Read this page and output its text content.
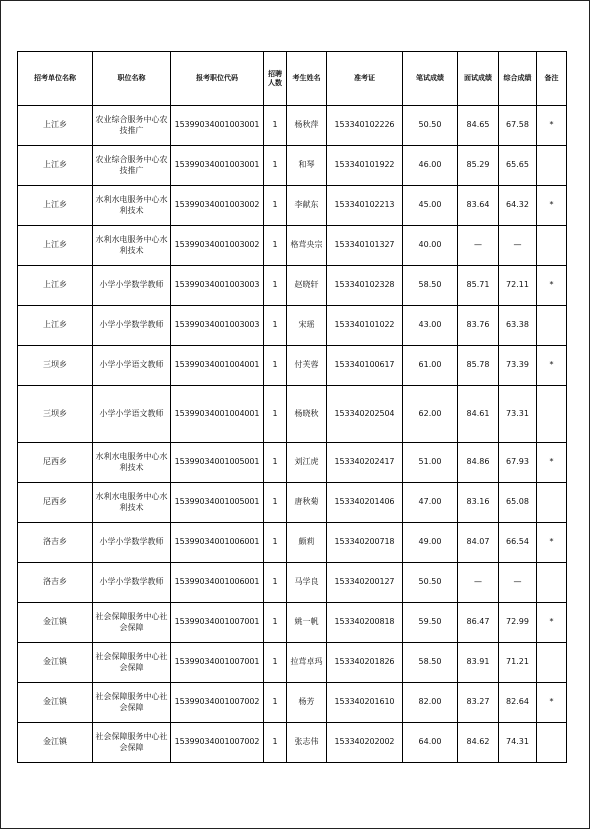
招考单位名称	职位名称	报考职位代码	招聘人数	考生姓名	准考证	笔试成绩	面试成绩	综合成绩	备注
上江乡	农业综合服务中心农技推广	15399034001003001	1	杨秋萍	153340102226	50.50	84.65	67.58	*
上江乡	农业综合服务中心农技推广	15399034001003001	1	和琴	153340101922	46.00	85.29	65.65	
上江乡	水利水电服务中心水利技术	15399034001003002	1	李献东	153340102213	45.00	83.64	64.32	*
上江乡	水利水电服务中心水利技术	15399034001003002	1	格茸央宗	153340101327	40.00	—	—	
上江乡	小学小学数学教师	15399034001003003	1	赵晓轩	153340102328	58.50	85.71	72.11	*
上江乡	小学小学数学教师	15399034001003003	1	宋瑶	153340101022	43.00	83.76	63.38	
三坝乡	小学小学语文教师	15399034001004001	1	付芙蓉	153340100617	61.00	85.78	73.39	*
三坝乡	小学小学语文教师	15399034001004001	1	杨晓秋	153340202504	62.00	84.61	73.31	
尼西乡	水利水电服务中心水利技术	15399034001005001	1	刘江虎	153340202417	51.00	84.86	67.93	*
尼西乡	水利水电服务中心水利技术	15399034001005001	1	唐秋菊	153340201406	47.00	83.16	65.08	
洛吉乡	小学小学数学教师	15399034001006001	1	颇莉	153340200718	49.00	84.07	66.54	*
洛吉乡	小学小学数学教师	15399034001006001	1	马学良	153340200127	50.50	—	—	
金江镇	社会保障服务中心社会保障	15399034001007001	1	姚一帆	153340200818	59.50	86.47	72.99	*
金江镇	社会保障服务中心社会保障	15399034001007001	1	拉茸卓玛	153340201826	58.50	83.91	71.21	
金江镇	社会保障服务中心社会保障	15399034001007002	1	杨芳	153340201610	82.00	83.27	82.64	*
金江镇	社会保障服务中心社会保障	15399034001007002	1	张志伟	153340202002	64.00	84.62	74.31	
